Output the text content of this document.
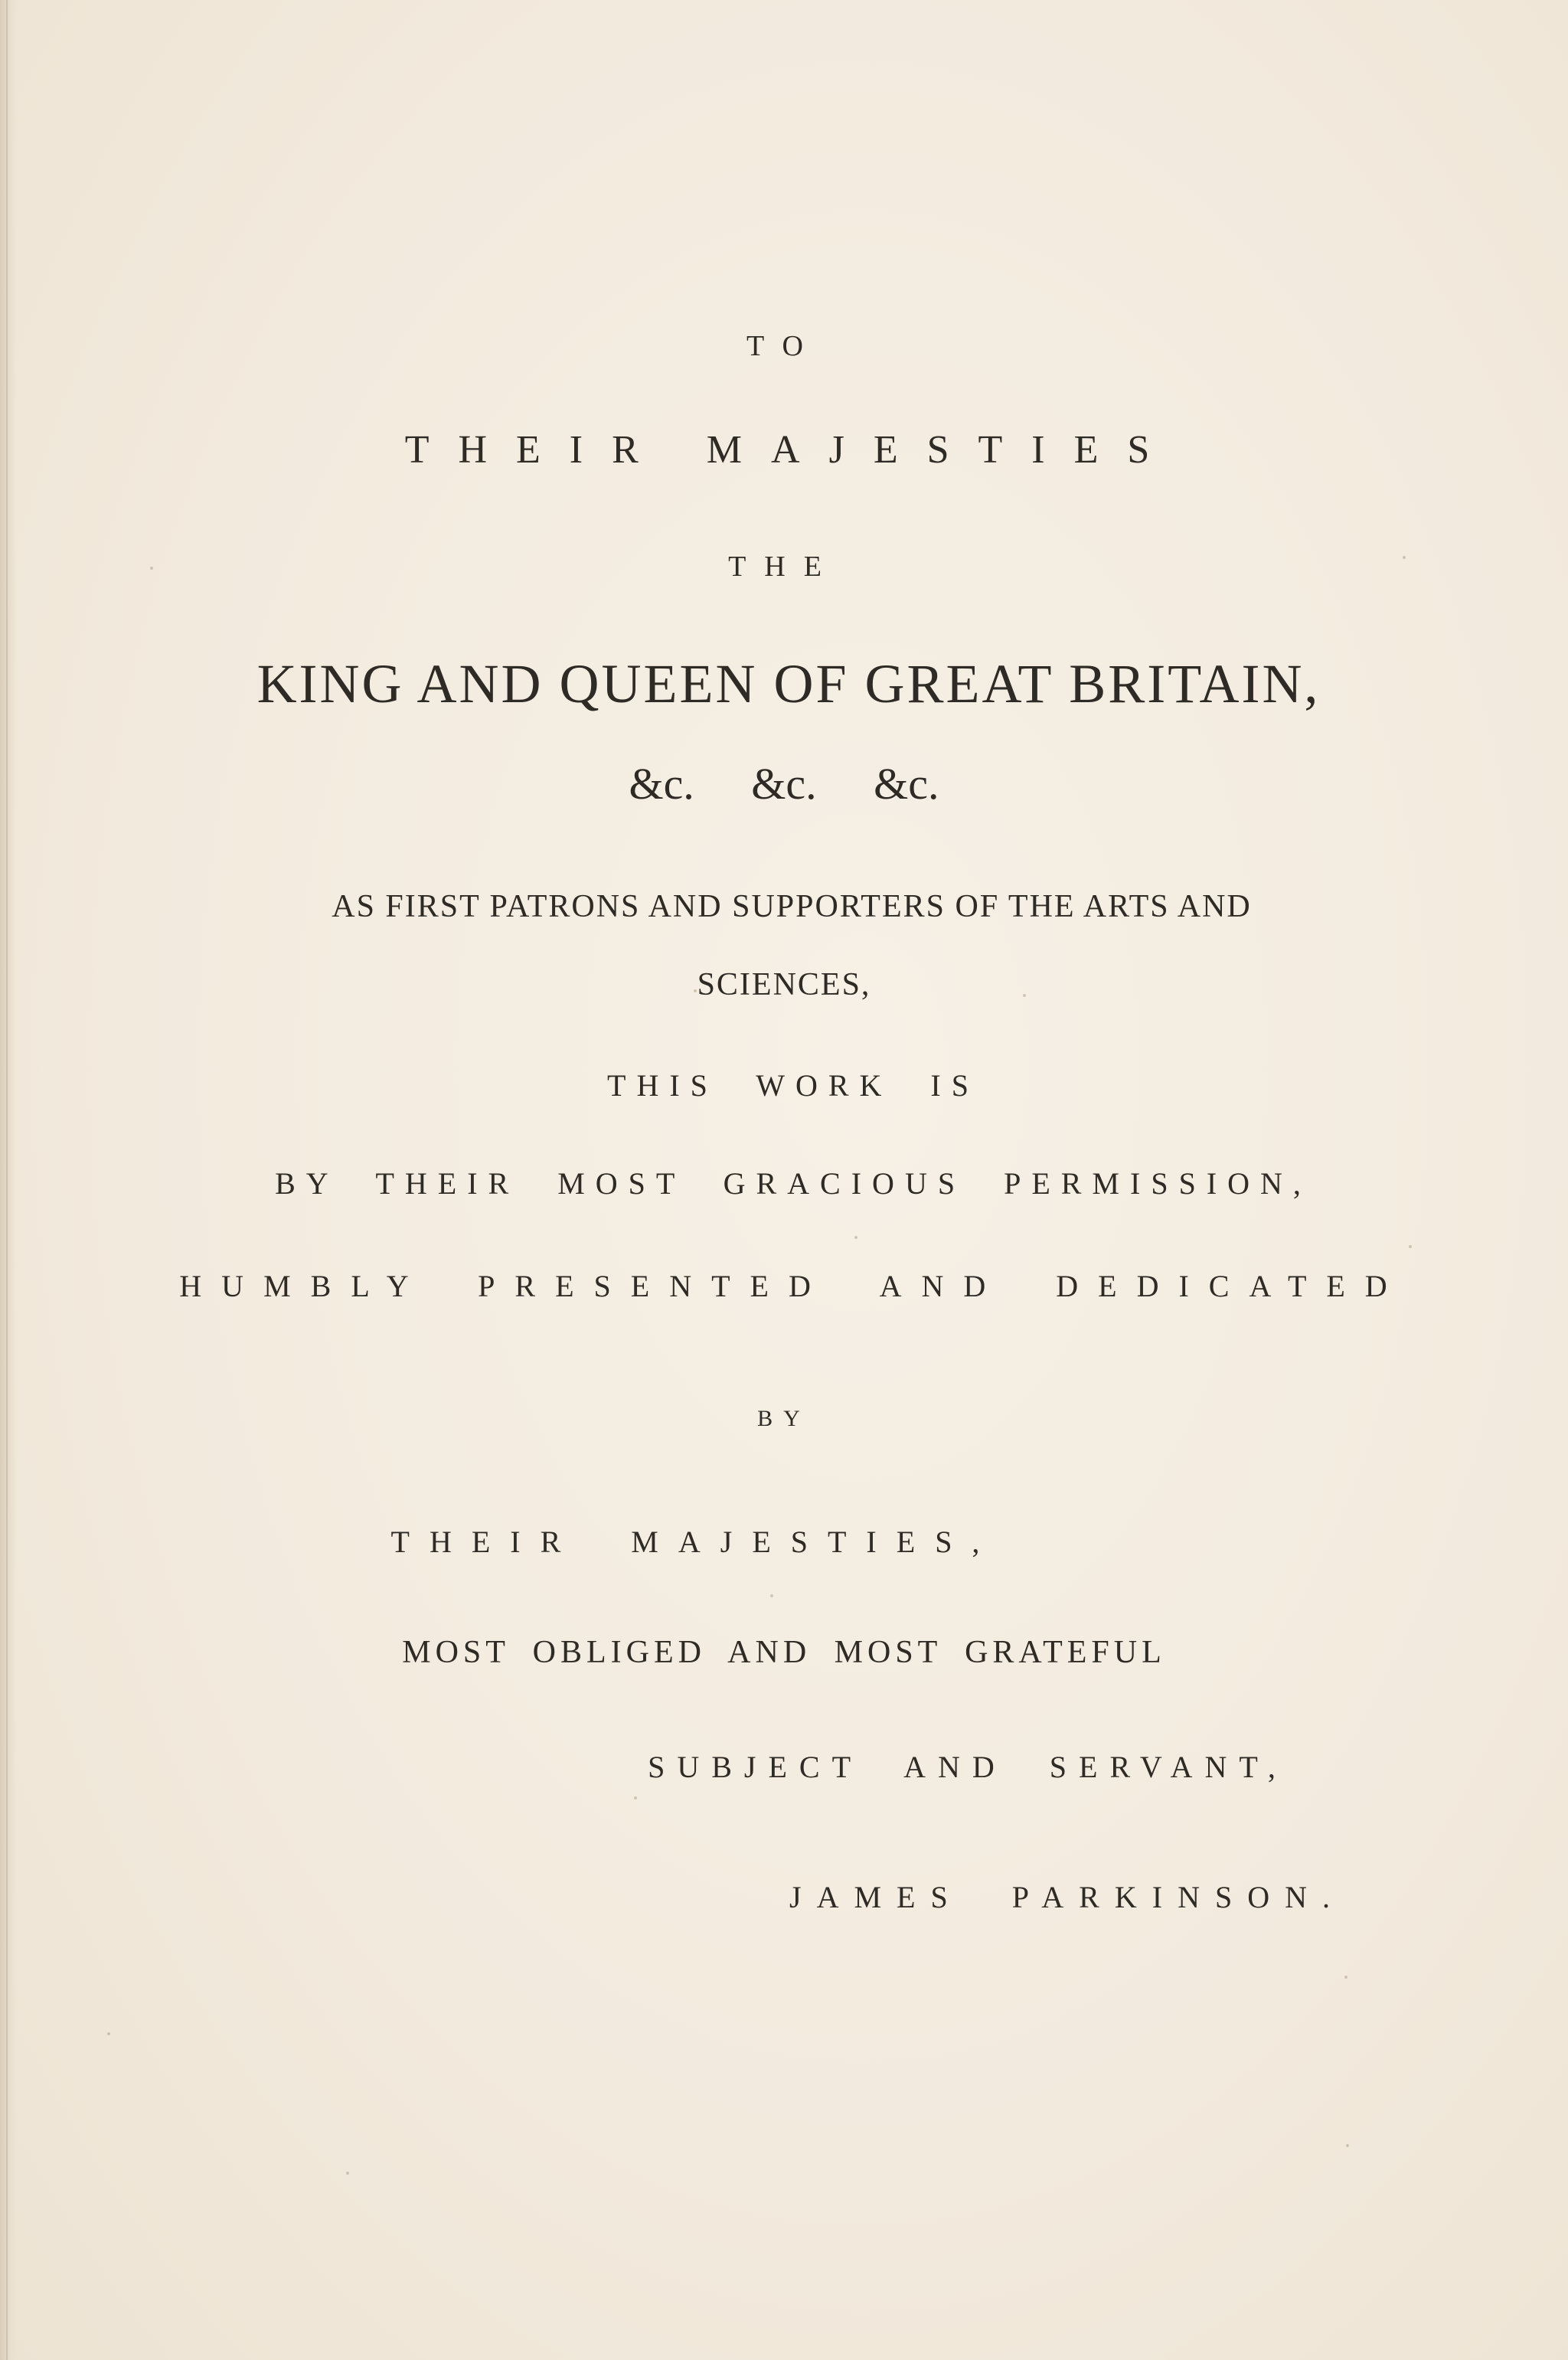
TO
THEIR MAJESTIES
THE
KING AND QUEEN OF GREAT BRITAIN,
&c. &c. &c.
AS FIRST PATRONS AND SUPPORTERS OF THE ARTS AND
SCIENCES,
THIS WORK IS
BY THEIR MOST GRACIOUS PERMISSION,
HUMBLY PRESENTED AND DEDICATED
BY
THEIR MAJESTIES,
MOST OBLIGED AND MOST GRATEFUL
SUBJECT AND SERVANT,
JAMES PARKINSON.
